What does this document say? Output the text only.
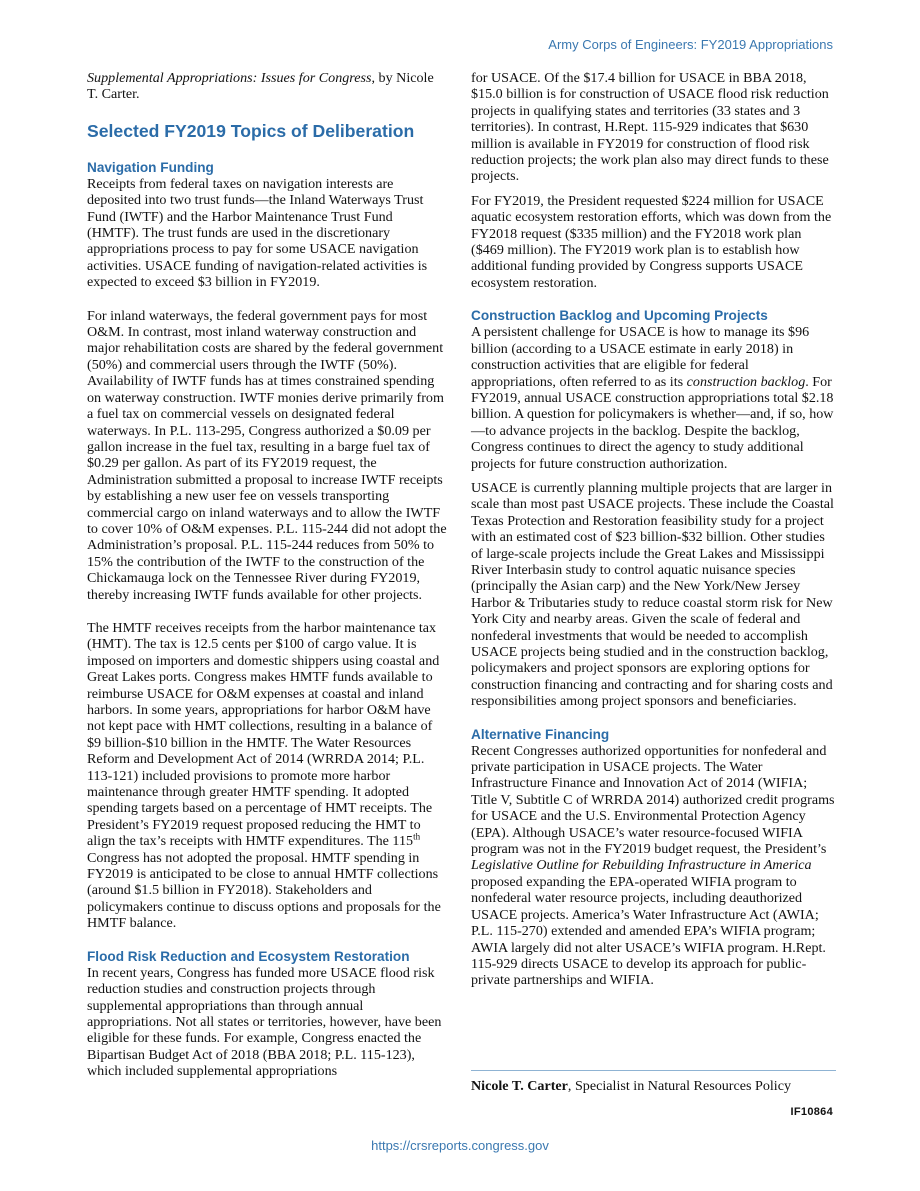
Army Corps of Engineers: FY2019 Appropriations

Supplemental Appropriations: Issues for Congress, by Nicole T. Carter.

Selected FY2019 Topics of Deliberation
Navigation Funding

Receipts from federal taxes on navigation interests are deposited into two trust funds—the Inland Waterways Trust Fund (IWTF) and the Harbor Maintenance Trust Fund (HMTF). The trust funds are used in the discretionary appropriations process to pay for some USACE navigation activities. USACE funding of navigation-related activities is expected to exceed $3 billion in FY2019.

For inland waterways, the federal government pays for most O&M. In contrast, most inland waterway construction and major rehabilitation costs are shared by the federal government (50%) and commercial users through the IWTF (50%). Availability of IWTF funds has at times constrained spending on waterway construction. IWTF monies derive primarily from a fuel tax on commercial vessels on designated federal waterways. In P.L. 113-295, Congress authorized a $0.09 per gallon increase in the fuel tax, resulting in a barge fuel tax of $0.29 per gallon. As part of its FY2019 request, the Administration submitted a proposal to increase IWTF receipts by establishing a new user fee on vessels transporting commercial cargo on inland waterways and to allow the IWTF to cover 10% of O&M expenses. P.L. 115-244 did not adopt the Administration’s proposal. P.L. 115-244 reduces from 50% to 15% the contribution of the IWTF to the construction of the Chickamauga lock on the Tennessee River during FY2019, thereby increasing IWTF funds available for other projects.

The HMTF receives receipts from the harbor maintenance tax (HMT). The tax is 12.5 cents per $100 of cargo value. It is imposed on importers and domestic shippers using coastal and Great Lakes ports. Congress makes HMTF funds available to reimburse USACE for O&M expenses at coastal and inland harbors. In some years, appropriations for harbor O&M have not kept pace with HMT collections, resulting in a balance of $9 billion-$10 billion in the HMTF. The Water Resources Reform and Development Act of 2014 (WRRDA 2014; P.L. 113-121) included provisions to promote more harbor maintenance through greater HMTF spending. It adopted spending targets based on a percentage of HMT receipts. The President’s FY2019 request proposed reducing the HMT to align the tax’s receipts with HMTF expenditures. The 115th Congress has not adopted the proposal. HMTF spending in FY2019 is anticipated to be close to annual HMTF collections (around $1.5 billion in FY2018). Stakeholders and policymakers continue to discuss options and proposals for the HMTF balance.

Flood Risk Reduction and Ecosystem Restoration

In recent years, Congress has funded more USACE flood risk reduction studies and construction projects through supplemental appropriations than through annual appropriations. Not all states or territories, however, have been eligible for these funds. For example, Congress enacted the Bipartisan Budget Act of 2018 (BBA 2018; P.L. 115-123), which included supplemental appropriations

for USACE. Of the $17.4 billion for USACE in BBA 2018, $15.0 billion is for construction of USACE flood risk reduction projects in qualifying states and territories (33 states and 3 territories). In contrast, H.Rept. 115-929 indicates that $630 million is available in FY2019 for construction of flood risk reduction projects; the work plan also may direct funds to these projects.

For FY2019, the President requested $224 million for USACE aquatic ecosystem restoration efforts, which was down from the FY2018 request ($335 million) and the FY2018 work plan ($469 million). The FY2019 work plan is to establish how additional funding provided by Congress supports USACE ecosystem restoration.

Construction Backlog and Upcoming Projects

A persistent challenge for USACE is how to manage its $96 billion (according to a USACE estimate in early 2018) in construction activities that are eligible for federal appropriations, often referred to as its construction backlog. For FY2019, annual USACE construction appropriations total $2.18 billion. A question for policymakers is whether—and, if so, how—to advance projects in the backlog. Despite the backlog, Congress continues to direct the agency to study additional projects for future construction authorization.

USACE is currently planning multiple projects that are larger in scale than most past USACE projects. These include the Coastal Texas Protection and Restoration feasibility study for a project with an estimated cost of $23 billion-$32 billion. Other studies of large-scale projects include the Great Lakes and Mississippi River Interbasin study to control aquatic nuisance species (principally the Asian carp) and the New York/New Jersey Harbor & Tributaries study to reduce coastal storm risk for New York City and nearby areas. Given the scale of federal and nonfederal investments that would be needed to accomplish USACE projects being studied and in the construction backlog, policymakers and project sponsors are exploring options for construction financing and contracting and for sharing costs and responsibilities among project sponsors and beneficiaries.

Alternative Financing

Recent Congresses authorized opportunities for nonfederal and private participation in USACE projects. The Water Infrastructure Finance and Innovation Act of 2014 (WIFIA; Title V, Subtitle C of WRRDA 2014) authorized credit programs for USACE and the U.S. Environmental Protection Agency (EPA). Although USACE’s water resource-focused WIFIA program was not in the FY2019 budget request, the President’s Legislative Outline for Rebuilding Infrastructure in America proposed expanding the EPA-operated WIFIA program to nonfederal water resource projects, including deauthorized USACE projects. America’s Water Infrastructure Act (AWIA; P.L. 115-270) extended and amended EPA’s WIFIA program; AWIA largely did not alter USACE’s WIFIA program. H.Rept. 115-929 directs USACE to develop its approach for public-private partnerships and WIFIA.

Nicole T. Carter, Specialist in Natural Resources Policy
IF10864
https://crsreports.congress.gov
